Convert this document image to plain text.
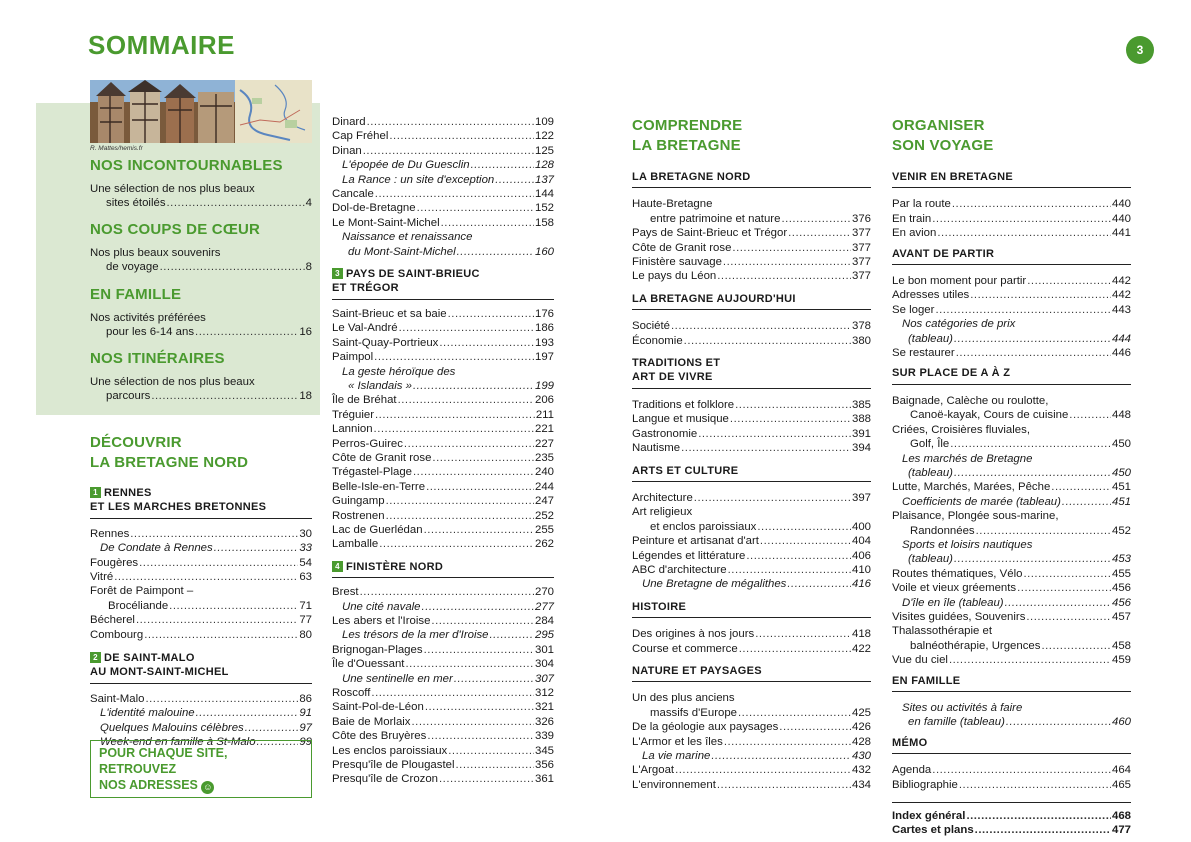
SOMMAIRE	3
R. Mattes/hemis.fr
NOS INCONTOURNABLES
Une sélection de nos plus beaux
sites étoilés .....	4
NOS COUPS DE CŒUR
Nos plus beaux souvenirs
de voyage .....	8
EN FAMILLE
Nos activités préférées
pour les 6-14 ans .....	16
NOS ITINÉRAIRES
Une sélection de nos plus beaux
parcours .....	18
DÉCOUVRIR
LA BRETAGNE NORD
1 RENNES
ET LES MARCHES BRETONNES
Rennes .....	30
De Condate à Rennes .....	33
Fougères .....	54
Vitré .....	63
Forêt de Paimpont –
Brocéliande .....	71
Bécherel .....	77
Combourg .....	80
2 DE SAINT-MALO
AU MONT-SAINT-MICHEL
Saint-Malo .....	86
L'identité malouine .....	91
Quelques Malouins célèbres .....	97
Week-end en famille à St-Malo .....	99
POUR CHAQUE SITE,
RETROUVEZ
NOS ADRESSES ☺
Dinard .....	109
Cap Fréhel .....	122
Dinan .....	125
L'épopée de Du Guesclin .....	128
La Rance : un site d'exception .....	137
Cancale .....	144
Dol-de-Bretagne .....	152
Le Mont-Saint-Michel .....	158
Naissance et renaissance
du Mont-Saint-Michel .....	160
3 PAYS DE SAINT-BRIEUC
ET TRÉGOR
Saint-Brieuc et sa baie .....	176
Le Val-André .....	186
Saint-Quay-Portrieux .....	193
Paimpol .....	197
La geste héroïque des
« Islandais » .....	199
Île de Bréhat .....	206
Tréguier .....	211
Lannion .....	221
Perros-Guirec .....	227
Côte de Granit rose .....	235
Trégastel-Plage .....	240
Belle-Isle-en-Terre .....	244
Guingamp .....	247
Rostrenen .....	252
Lac de Guerlédan .....	255
Lamballe .....	262
4 FINISTÈRE NORD
Brest .....	270
Une cité navale .....	277
Les abers et l'Iroise .....	284
Les trésors de la mer d'Iroise .....	295
Brignogan-Plages .....	301
Île d'Ouessant .....	304
Une sentinelle en mer .....	307
Roscoff .....	312
Saint-Pol-de-Léon .....	321
Baie de Morlaix .....	326
Côte des Bruyères .....	339
Les enclos paroissiaux .....	345
Presqu'île de Plougastel .....	356
Presqu'île de Crozon .....	361
COMPRENDRE
LA BRETAGNE
LA BRETAGNE NORD
Haute-Bretagne
entre patrimoine et nature .....	376
Pays de Saint-Brieuc et Trégor .....	377
Côte de Granit rose .....	377
Finistère sauvage .....	377
Le pays du Léon .....	377
LA BRETAGNE AUJOURD'HUI
Société .....	378
Économie .....	380
TRADITIONS ET
ART DE VIVRE
Traditions et folklore .....	385
Langue et musique .....	388
Gastronomie .....	391
Nautisme .....	394
ARTS ET CULTURE
Architecture .....	397
Art religieux
et enclos paroissiaux .....	400
Peinture et artisanat d'art .....	404
Légendes et littérature .....	406
ABC d'architecture .....	410
Une Bretagne de mégalithes .....	416
HISTOIRE
Des origines à nos jours .....	418
Course et commerce .....	422
NATURE ET PAYSAGES
Un des plus anciens
massifs d'Europe .....	425
De la géologie aux paysages .....	426
L'Armor et les îles .....	428
La vie marine .....	430
L'Argoat .....	432
L'environnement .....	434
ORGANISER
SON VOYAGE
VENIR EN BRETAGNE
Par la route .....	440
En train .....	440
En avion .....	441
AVANT DE PARTIR
Le bon moment pour partir .....	442
Adresses utiles .....	442
Se loger .....	443
Nos catégories de prix
(tableau) .....	444
Se restaurer .....	446
SUR PLACE DE A À Z
Baignade, Calèche ou roulotte,
Canoë-kayak, Cours de cuisine .....	448
Criées, Croisières fluviales,
Golf, Île .....	450
Les marchés de Bretagne
(tableau) .....	450
Lutte, Marchés, Marées, Pêche .....	451
Coefficients de marée (tableau) .....	451
Plaisance, Plongée sous-marine,
Randonnées .....	452
Sports et loisirs nautiques
(tableau) .....	453
Routes thématiques, Vélo .....	455
Voile et vieux gréements .....	456
D'île en île (tableau) .....	456
Visites guidées, Souvenirs .....	457
Thalassothérapie et
balnéothérapie, Urgences .....	458
Vue du ciel .....	459
EN FAMILLE
Sites ou activités à faire
en famille (tableau) .....	460
MÉMO
Agenda .....	464
Bibliographie .....	465
Index général .....	468
Cartes et plans .....	477
